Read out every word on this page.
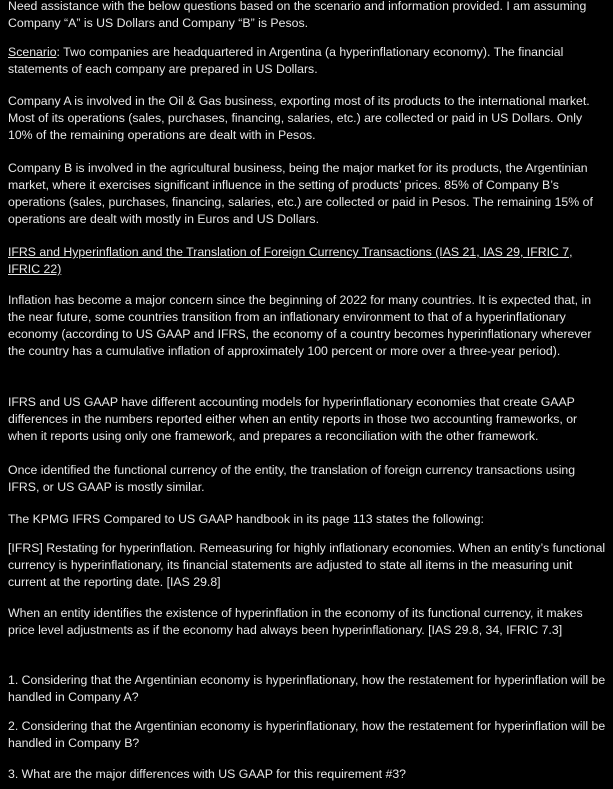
Need assistance with the below questions based on the scenario and information provided. I am assuming Company “A” is US Dollars and Company “B” is Pesos.

Scenario: Two companies are headquartered in Argentina (a hyperinflationary economy). The financial statements of each company are prepared in US Dollars.

Company A is involved in the Oil & Gas business, exporting most of its products to the international market. Most of its operations (sales, purchases, financing, salaries, etc.) are collected or paid in US Dollars. Only 10% of the remaining operations are dealt with in Pesos.

Company B is involved in the agricultural business, being the major market for its products, the Argentinian market, where it exercises significant influence in the setting of products’ prices. 85% of Company B’s operations (sales, purchases, financing, salaries, etc.) are collected or paid in Pesos. The remaining 15% of operations are dealt with mostly in Euros and US Dollars.

IFRS and Hyperinflation and the Translation of Foreign Currency Transactions (IAS 21, IAS 29, IFRIC 7, IFRIC 22)

Inflation has become a major concern since the beginning of 2022 for many countries. It is expected that, in the near future, some countries transition from an inflationary environment to that of a hyperinflationary economy (according to US GAAP and IFRS, the economy of a country becomes hyperinflationary wherever the country has a cumulative inflation of approximately 100 percent or more over a three-year period).

IFRS and US GAAP have different accounting models for hyperinflationary economies that create GAAP differences in the numbers reported either when an entity reports in those two accounting frameworks, or when it reports using only one framework, and prepares a reconciliation with the other framework.

Once identified the functional currency of the entity, the translation of foreign currency transactions using IFRS, or US GAAP is mostly similar.

The KPMG IFRS Compared to US GAAP handbook in its page 113 states the following:

[IFRS] Restating for hyperinflation. Remeasuring for highly inflationary economies. When an entity’s functional currency is hyperinflationary, its financial statements are adjusted to state all items in the measuring unit current at the reporting date. [IAS 29.8]

When an entity identifies the existence of hyperinflation in the economy of its functional currency, it makes price level adjustments as if the economy had always been hyperinflationary. [IAS 29.8, 34, IFRIC 7.3]

1. Considering that the Argentinian economy is hyperinflationary, how the restatement for hyperinflation will be handled in Company A?

2. Considering that the Argentinian economy is hyperinflationary, how the restatement for hyperinflation will be handled in Company B?

3. What are the major differences with US GAAP for this requirement #3?
